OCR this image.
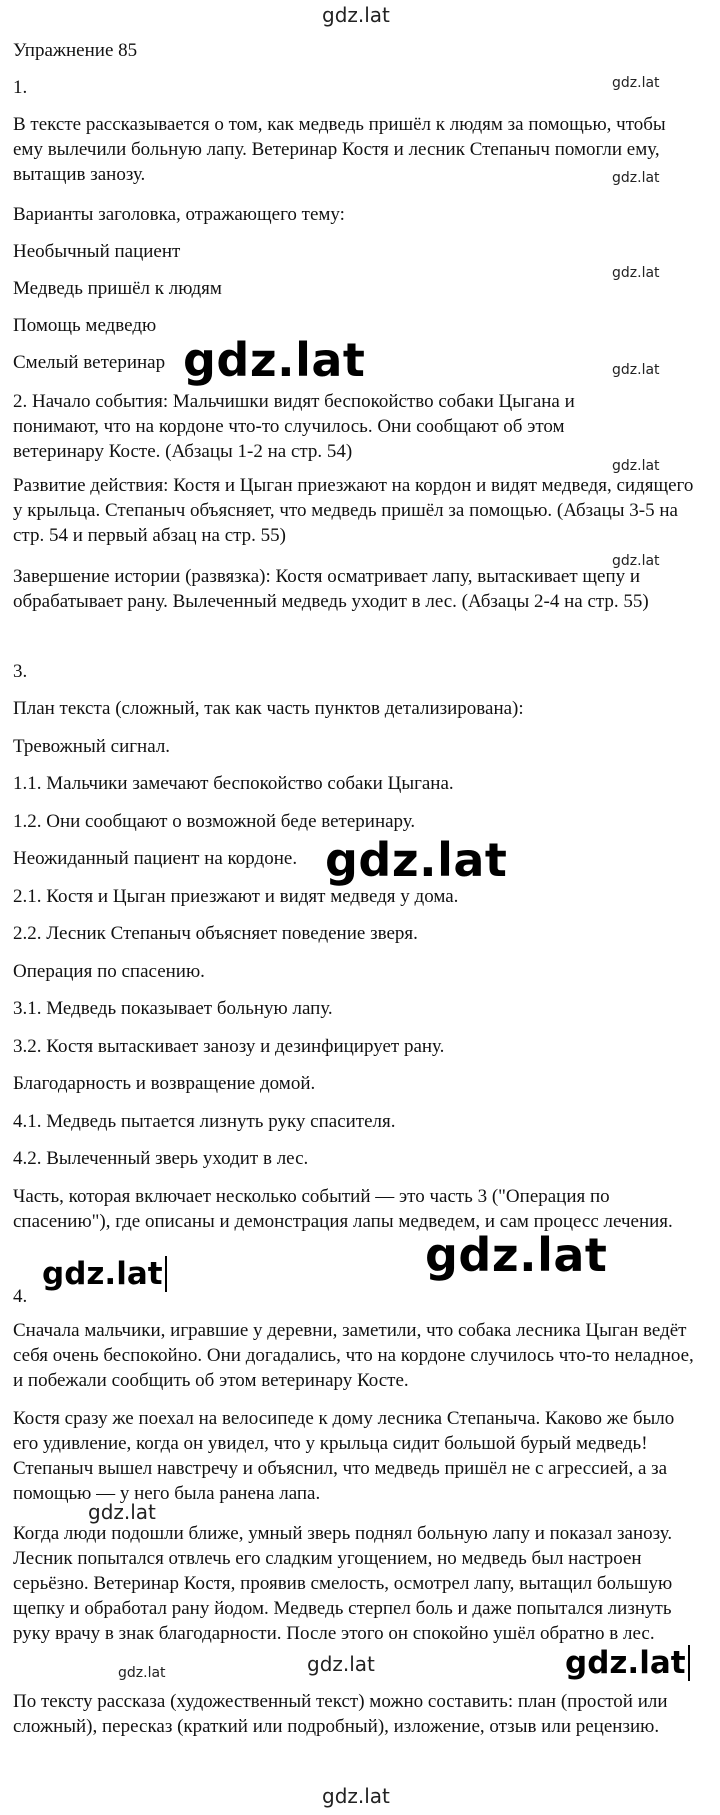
gdz.lat
gdz.lat
gdz.lat
gdz.lat
gdz.lat
gdz.lat
gdz.lat
gdz.lat
gdz.lat
gdz.lat
gdz.lat
gdz.lat
gdz.lat	gdz.lat	gdz.lat
gdz.lat
Упражнение 85
1.
В тексте рассказывается о том, как медведь пришёл к людям за помощью, чтобы ему вылечили больную лапу. Ветеринар Костя и лесник Степаныч помогли ему, вытащив занозу.
Варианты заголовка, отражающего тему:
Необычный пациент
Медведь пришёл к людям
Помощь медведю
Смелый ветеринар
2. Начало события: Мальчишки видят беспокойство собаки Цыгана и понимают, что на кордоне что-то случилось. Они сообщают об этом ветеринару Косте. (Абзацы 1-2 на стр. 54)
Развитие действия: Костя и Цыган приезжают на кордон и видят медведя, сидящего у крыльца. Степаныч объясняет, что медведь пришёл за помощью. (Абзацы 3-5 на стр. 54 и первый абзац на стр. 55)
Завершение истории (развязка): Костя осматривает лапу, вытаскивает щепу и обрабатывает рану. Вылеченный медведь уходит в лес. (Абзацы 2-4 на стр. 55)
3.
План текста (сложный, так как часть пунктов детализирована):
Тревожный сигнал.
1.1. Мальчики замечают беспокойство собаки Цыгана.
1.2. Они сообщают о возможной беде ветеринару.
Неожиданный пациент на кордоне.
2.1. Костя и Цыган приезжают и видят медведя у дома.
2.2. Лесник Степаныч объясняет поведение зверя.
Операция по спасению.
3.1. Медведь показывает больную лапу.
3.2. Костя вытаскивает занозу и дезинфицирует рану.
Благодарность и возвращение домой.
4.1. Медведь пытается лизнуть руку спасителя.
4.2. Вылеченный зверь уходит в лес.
Часть, которая включает несколько событий — это часть 3 ("Операция по спасению"), где описаны и демонстрация лапы медведем, и сам процесс лечения.
4.
Сначала мальчики, игравшие у деревни, заметили, что собака лесника Цыган ведёт себя очень беспокойно. Они догадались, что на кордоне случилось что-то неладное, и побежали сообщить об этом ветеринару Косте.
Костя сразу же поехал на велосипеде к дому лесника Степаныча. Каково же было его удивление, когда он увидел, что у крыльца сидит большой бурый медведь! Степаныч вышел навстречу и объяснил, что медведь пришёл не с агрессией, а за помощью — у него была ранена лапа.
Когда люди подошли ближе, умный зверь поднял больную лапу и показал занозу. Лесник попытался отвлечь его сладким угощением, но медведь был настроен серьёзно. Ветеринар Костя, проявив смелость, осмотрел лапу, вытащил большую щепку и обработал рану йодом. Медведь стерпел боль и даже попытался лизнуть руку врачу в знак благодарности. После этого он спокойно ушёл обратно в лес.
По тексту рассказа (художественный текст) можно составить: план (простой или сложный), пересказ (краткий или подробный), изложение, отзыв или рецензию.
